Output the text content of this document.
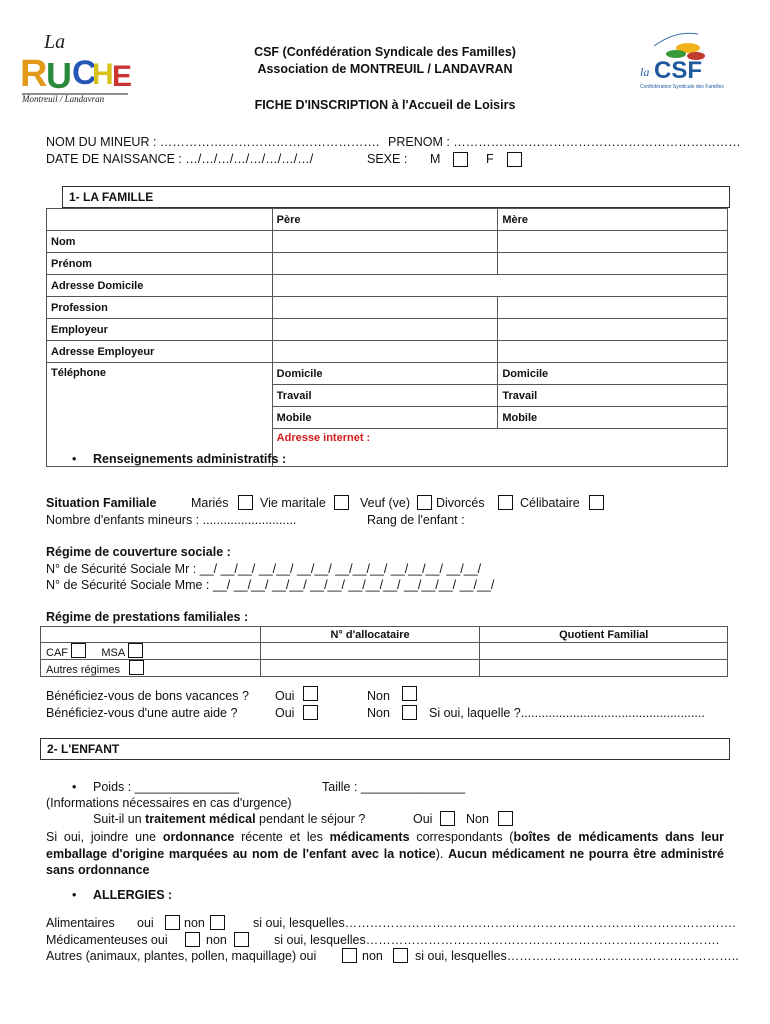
La
R
U C
H
E
Montreuil / Landavran
la CSF
Confédération Syndicale des Familles
CSF (Confédération Syndicale des Familles)
Association de MONTREUIL / LANDAVRAN
FICHE D'INSCRIPTION à l'Accueil de Loisirs
NOM DU MINEUR : …………….………………………………. PRENOM : ……………………………………………………………
DATE DE NAISSANCE : …/…/…/…/…/…/…/…/	SEXE : M	F
1- LA FAMILLE
	Père	Mère
Nom		
Prénom		
Adresse Domicile		
Profession		
Employeur		
Adresse Employeur		
Téléphone	Domicile	Domicile
	Travail	Travail
	Mobile	Mobile
	Adresse internet :	
• Renseignements administratifs :
Situation Familiale	Mariés	Vie maritale	Veuf (ve) Divorcés	Célibataire
Nombre d'enfants mineurs : ...........................	Rang de l'enfant :
Régime de couverture sociale :
N° de Sécurité Sociale Mr : __/ __/__/ __/__/ __/__/ __/__/__/ __/__/__/ __/__/
N° de Sécurité Sociale Mme : __/ __/__/ __/__/ __/__/ __/__/__/ __/__/__/ __/__/
Régime de prestations familiales :
	N° d'allocataire	Quotient Familial
CAF MSA		
Autres régimes		
Bénéficiez-vous de bons vacances ? Oui	Non
Bénéficiez-vous d'une autre aide ?	Oui	Non	Si oui, laquelle ?.....................................................
2- L'ENFANT
• Poids : _______________	Taille : _______________
(Informations nécessaires en cas d'urgence)
Suit-il un traitement médical pendant le séjour ?	Oui	Non
Si oui, joindre une ordonnance récente et les médicaments correspondants (boîtes de médicaments dans leur emballage d'origine marquées au nom de l'enfant avec la notice). Aucun médicament ne pourra être administré sans ordonnance
• ALLERGIES :
Alimentaires oui non	si oui, lesquelles………………………………………………………………………………….
Médicamenteuses oui	non	si oui, lesquelles………………………………………………………………………….
Autres (animaux, plantes, pollen, maquillage) oui	non	si oui, lesquelles………………………………………………..
